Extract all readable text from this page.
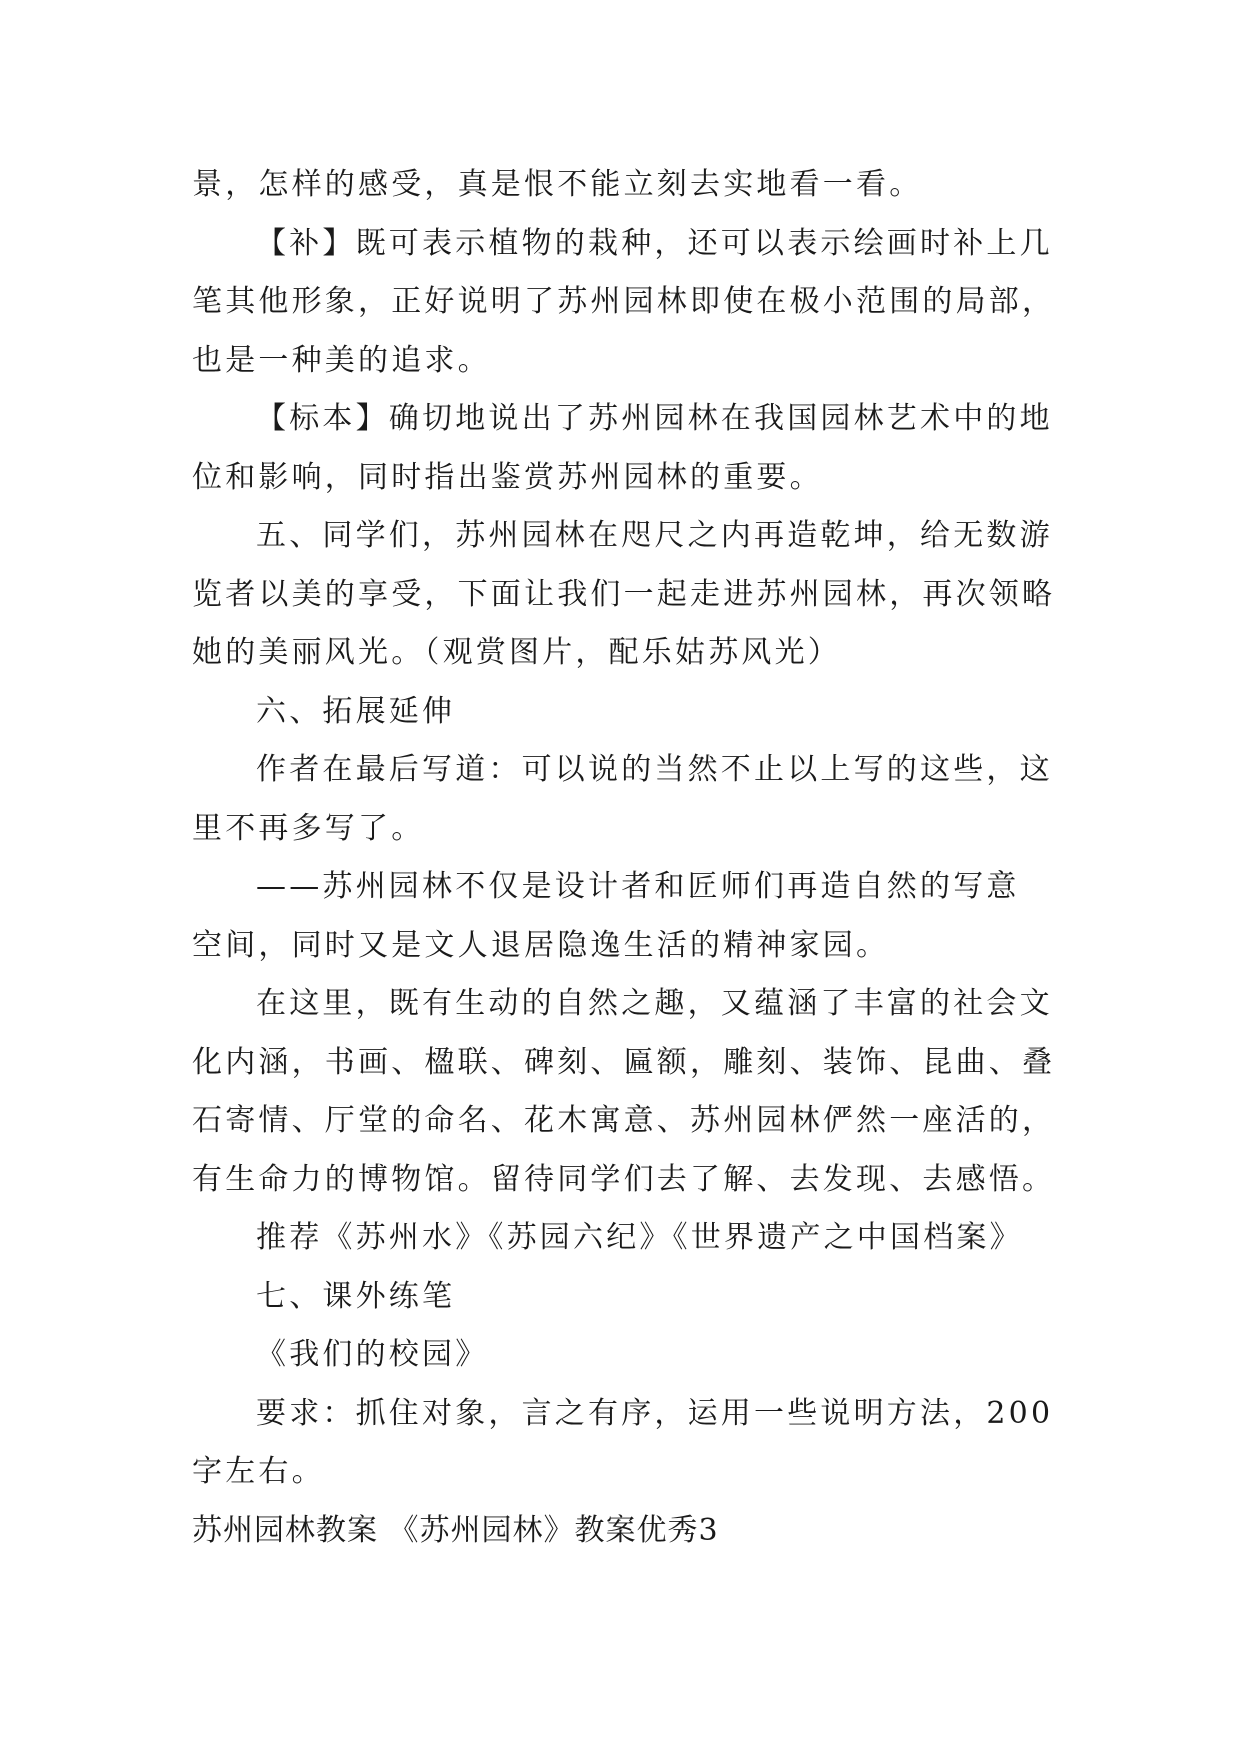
景，怎样的感受，真是恨不能立刻去实地看一看。
【补】既可表示植物的栽种，还可以表示绘画时补上几
笔其他形象，正好说明了苏州园林即使在极小范围的局部，
也是一种美的追求。
【标本】确切地说出了苏州园林在我国园林艺术中的地
位和影响，同时指出鉴赏苏州园林的重要。
五、同学们，苏州园林在咫尺之内再造乾坤，给无数游
览者以美的享受，下面让我们一起走进苏州园林，再次领略
她的美丽风光。（观赏图片，配乐姑苏风光）
六、拓展延伸
作者在最后写道：可以说的当然不止以上写的这些，这
里不再多写了。
——苏州园林不仅是设计者和匠师们再造自然的写意
空间，同时又是文人退居隐逸生活的精神家园。
在这里，既有生动的自然之趣，又蕴涵了丰富的社会文
化内涵，书画、楹联、碑刻、匾额，雕刻、装饰、昆曲、叠
石寄情、厅堂的命名、花木寓意、苏州园林俨然一座活的，
有生命力的博物馆。留待同学们去了解、去发现、去感悟。
推荐《苏州水》《苏园六纪》《世界遗产之中国档案》
七、课外练笔
《我们的校园》
要求：抓住对象，言之有序，运用一些说明方法，200
字左右。
苏州园林教案 《苏州园林》教案优秀3
